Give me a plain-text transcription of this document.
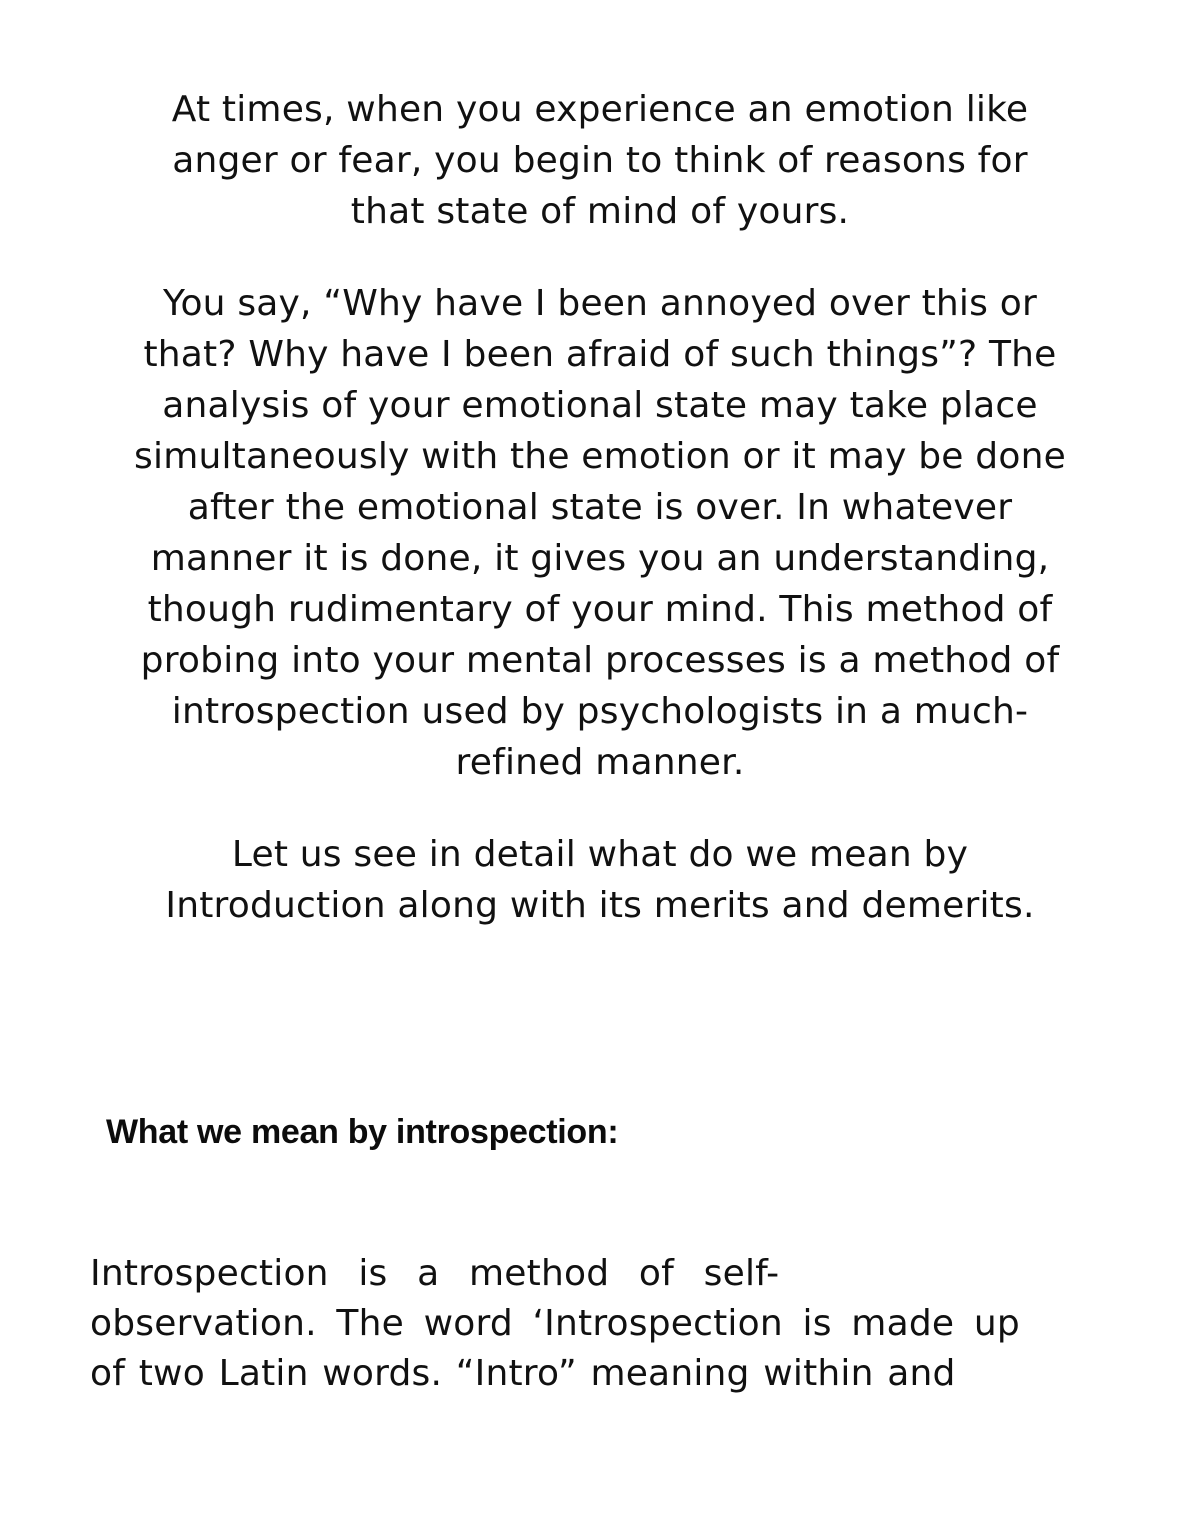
At times, when you experience an emotion like
anger or fear, you begin to think of reasons for
that state of mind of yours.

You say, “Why have I been annoyed over this or
that? Why have I been afraid of such things”? The
analysis of your emotional state may take place
simultaneously with the emotion or it may be done
after the emotional state is over. In whatever
manner it is done, it gives you an understanding,
though rudimentary of your mind. This method of
probing into your mental processes is a method of
introspection used by psychologists in a much-
refined manner.

Let us see in detail what do we mean by
Introduction along with its merits and demerits.

What we mean by introspection:

Introspection is a method of self-
observation. The word ‘Introspection is made up
of two Latin words. “Intro” meaning within and
